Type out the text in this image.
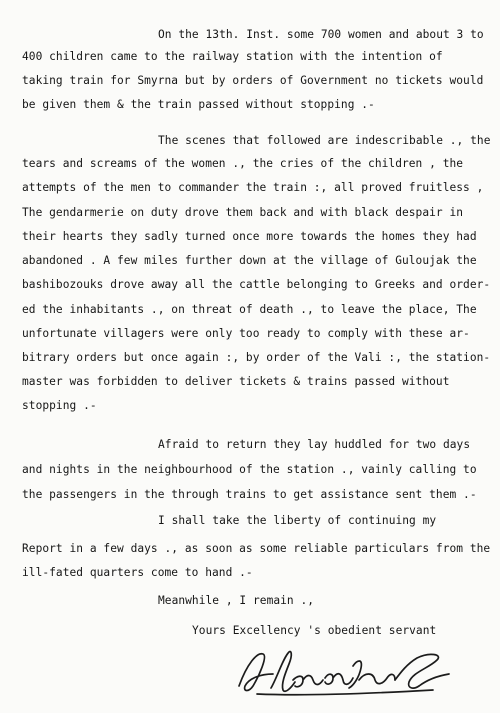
On the 13th. Inst. some 700 women and about 3 to
400 children came to the railway station with the intention of
taking train for Smyrna but by orders of Government no tickets would
be given them & the train passed without stopping .-
The scenes that followed are indescribable ., the
tears and screams of the women ., the cries of the children , the
attempts of the men to commander the train :, all proved fruitless ,
The gendarmerie on duty drove them back and with black despair in
their hearts they sadly turned once more towards the homes they had
abandoned . A few miles further down at the village of Guloujak the
bashibozouks drove away all the cattle belonging to Greeks and order-
ed the inhabitants ., on threat of death ., to leave the place, The
unfortunate villagers were only too ready to comply with these ar-
bitrary orders but once again :, by order of the Vali :, the station-
master was forbidden to deliver tickets & trains passed without
stopping .-
Afraid to return they lay huddled for two days
and nights in the neighbourhood of the station ., vainly calling to
the passengers in the through trains to get assistance sent them .-
I shall take the liberty of continuing my
Report in a few days ., as soon as some reliable particulars from the
ill-fated quarters come to hand .-
Meanwhile , I remain .,
Yours Excellency 's obedient servant
